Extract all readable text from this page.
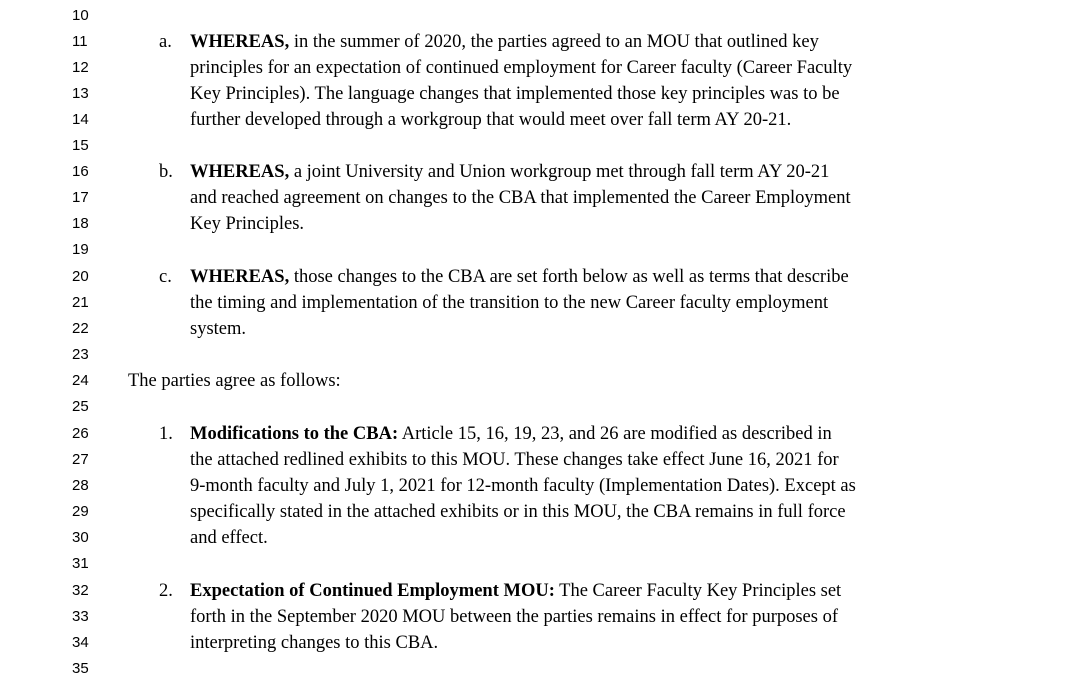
10
11
12
13
14
15
16
17
18
19
20
21
22
23
24
25
26
27
28
29
30
31
32
33
34
35
a. WHEREAS, in the summer of 2020, the parties agreed to an MOU that outlined key
principles for an expectation of continued employment for Career faculty (Career Faculty
Key Principles). The language changes that implemented those key principles was to be
further developed through a workgroup that would meet over fall term AY 20-21.
b. WHEREAS, a joint University and Union workgroup met through fall term AY 20-21
and reached agreement on changes to the CBA that implemented the Career Employment
Key Principles.
c. WHEREAS, those changes to the CBA are set forth below as well as terms that describe
the timing and implementation of the transition to the new Career faculty employment
system.
The parties agree as follows:
1. Modifications to the CBA: Article 15, 16, 19, 23, and 26 are modified as described in
the attached redlined exhibits to this MOU. These changes take effect June 16, 2021 for
9-month faculty and July 1, 2021 for 12-month faculty (Implementation Dates). Except as
specifically stated in the attached exhibits or in this MOU, the CBA remains in full force
and effect.
2. Expectation of Continued Employment MOU: The Career Faculty Key Principles set
forth in the September 2020 MOU between the parties remains in effect for purposes of
interpreting changes to this CBA.
